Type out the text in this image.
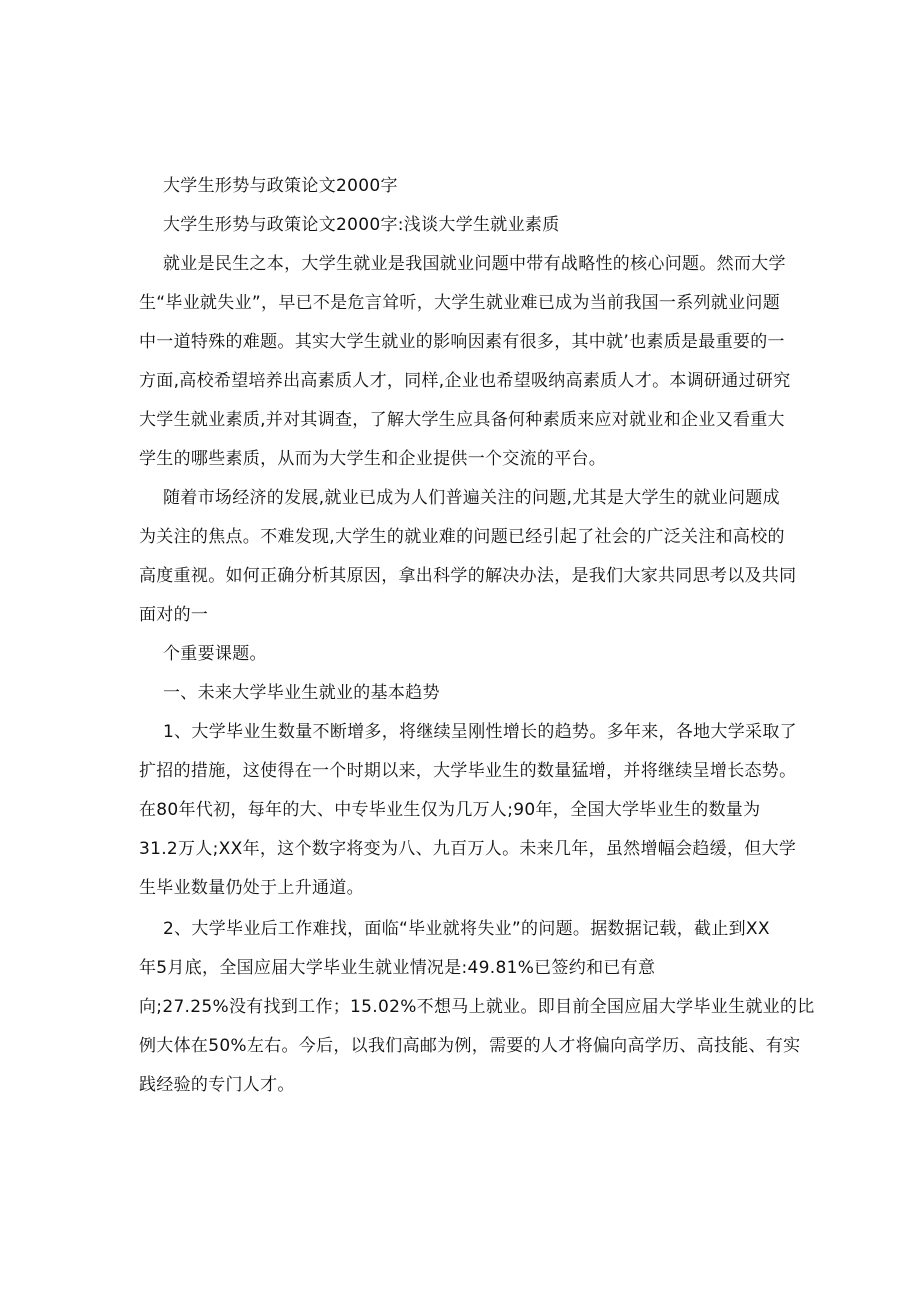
大学生形势与政策论文2000字
大学生形势与政策论文2000字:浅谈大学生就业素质
就业是民生之本，大学生就业是我国就业问题中带有战略性的核心问题。然而大学
生“毕业就失业”，早已不是危言耸听，大学生就业难已成为当前我国一系列就业问题
中一道特殊的难题。其实大学生就业的影响因素有很多，其中就’也素质是最重要的一
方面,高校希望培养出高素质人才，同样,企业也希望吸纳高素质人才。本调研通过研究
大学生就业素质,并对其调查，了解大学生应具备何种素质来应对就业和企业又看重大
学生的哪些素质，从而为大学生和企业提供一个交流的平台。
随着市场经济的发展,就业已成为人们普遍关注的问题,尤其是大学生的就业问题成
为关注的焦点。不难发现,大学生的就业难的问题已经引起了社会的广泛关注和高校的
高度重视。如何正确分析其原因，拿出科学的解决办法，是我们大家共同思考以及共同
面对的一
个重要课题。
一、未来大学毕业生就业的基本趋势
1、大学毕业生数量不断增多，将继续呈刚性增长的趋势。多年来，各地大学采取了
扩招的措施，这使得在一个时期以来，大学毕业生的数量猛增，并将继续呈增长态势。
在80年代初，每年的大、中专毕业生仅为几万人;90年，全国大学毕业生的数量为
31.2万人;XX年，这个数字将变为八、九百万人。未来几年，虽然增幅会趋缓，但大学
生毕业数量仍处于上升通道。
2、大学毕业后工作难找，面临“毕业就将失业”的问题。据数据记载，截止到XX
年5月底，全国应届大学毕业生就业情况是:49.81%已签约和已有意
向;27.25%没有找到工作；15.02%不想马上就业。即目前全国应届大学毕业生就业的比
例大体在50%左右。今后，以我们高邮为例，需要的人才将偏向高学历、高技能、有实
践经验的专门人才。
